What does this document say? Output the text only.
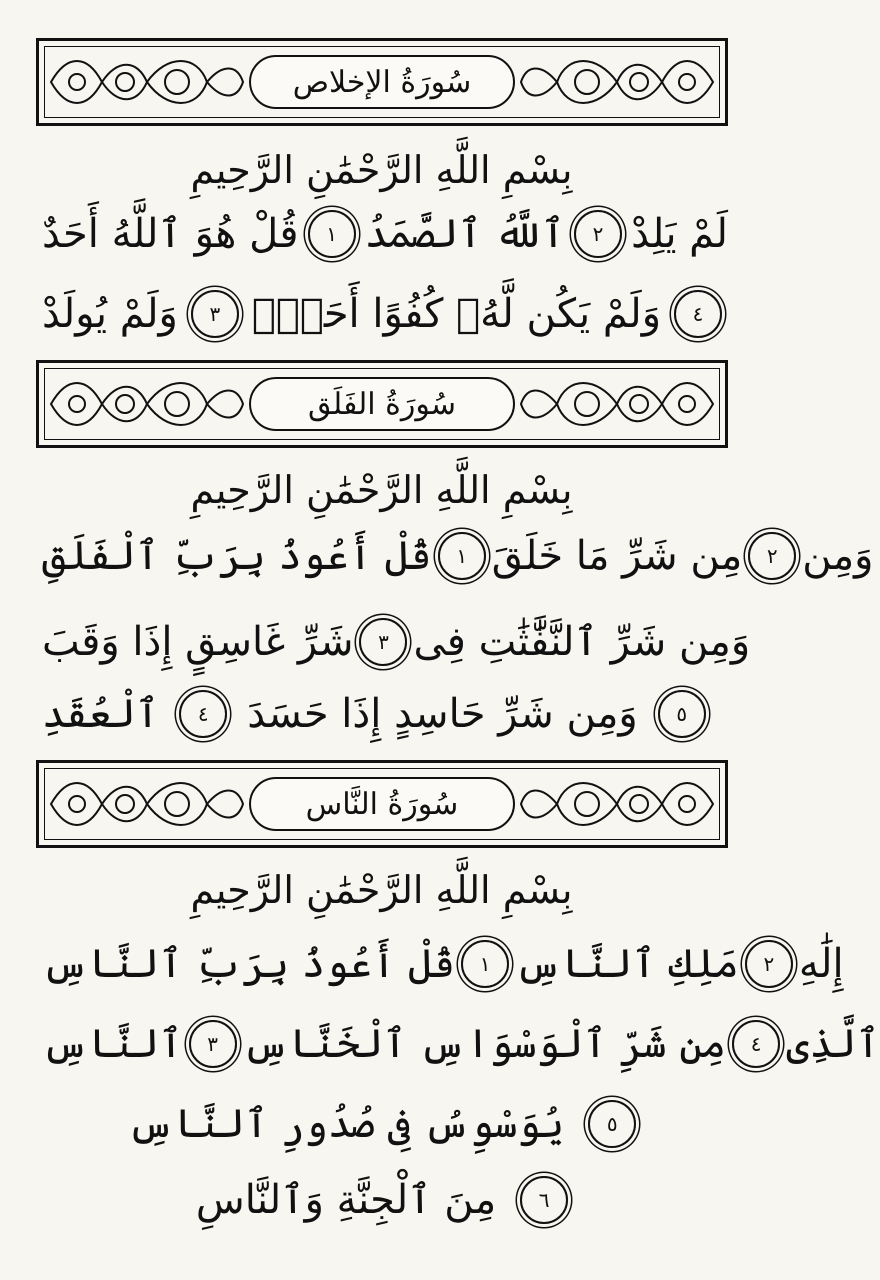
سُورَةُ الإخلاص
بِسْمِ اللَّهِ الرَّحْمَٰنِ الرَّحِيمِ
قُلْ هُوَ ٱللَّهُ أَحَدٌ	١ ٱللَّهُ ٱلصَّمَدُ	٢ لَمْ يَلِدْ
وَلَمْ يُولَدْ	٣ وَلَمْ يَكُن لَّهُۥ كُفُوًا أَحَدٌۢ	٤
سُورَةُ الفَلَق
بِسْمِ اللَّهِ الرَّحْمَٰنِ الرَّحِيمِ
قُلْ أَعُوذُ بِرَبِّ ٱلْفَلَقِ	١ مِن شَرِّ مَا خَلَقَ	٢ وَمِن
شَرِّ غَاسِقٍ إِذَا وَقَبَ	٣ وَمِن شَرِّ ٱلنَّفَّٰثَٰتِ فِى
ٱلْعُقَدِ	٤ وَمِن شَرِّ حَاسِدٍ إِذَا حَسَدَ	٥
سُورَةُ النَّاس
بِسْمِ اللَّهِ الرَّحْمَٰنِ الرَّحِيمِ
قُلْ أَعُوذُ بِرَبِّ ٱلنَّاسِ	١ مَلِكِ ٱلنَّاسِ	٢ إِلَٰهِ
ٱلنَّاسِ	٣ مِن شَرِّ ٱلْوَسْوَاسِ ٱلْخَنَّاسِ	٤ ٱلَّذِى
يُوَسْوِسُ فِى صُدُورِ ٱلنَّاسِ	٥
مِنَ ٱلْجِنَّةِ وَٱلنَّاسِ	٦
